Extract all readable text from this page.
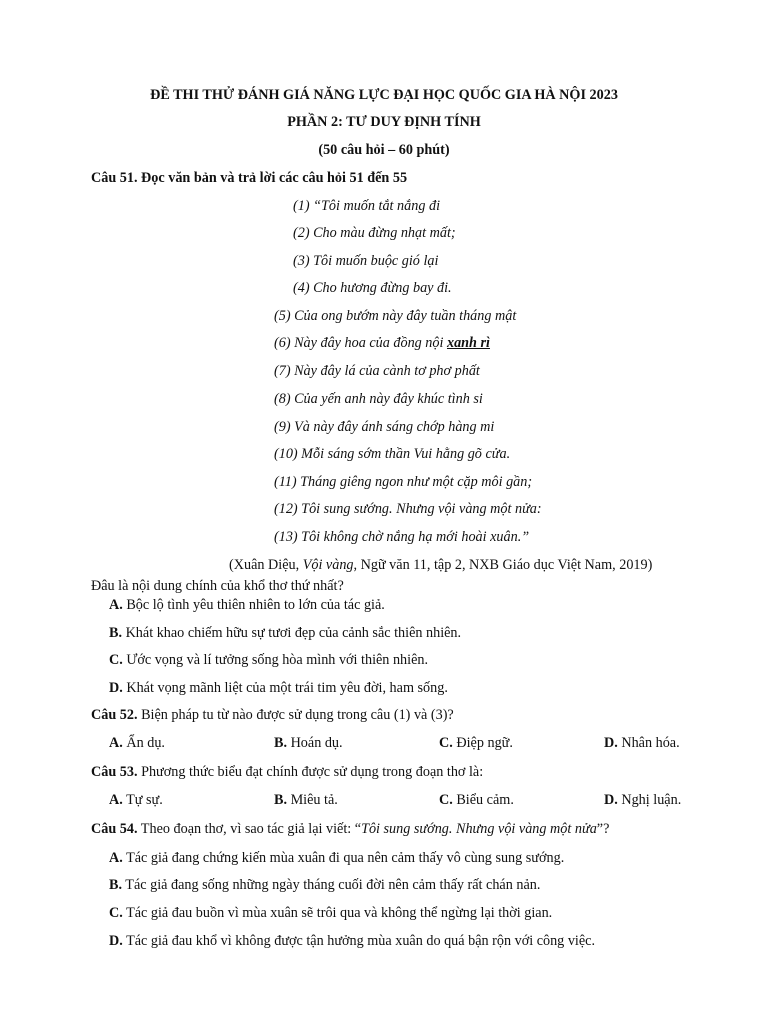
ĐỀ THI THỬ ĐÁNH GIÁ NĂNG LỰC ĐẠI HỌC QUỐC GIA HÀ NỘI 2023
PHẦN 2: TƯ DUY ĐỊNH TÍNH
(50 câu hỏi – 60 phút)
Câu 51. Đọc văn bản và trả lời các câu hỏi 51 đến 55
(1) “Tôi muốn tắt nắng đi
(2) Cho màu đừng nhạt mất;
(3) Tôi muốn buộc gió lại
(4) Cho hương đừng bay đi.
(5) Của ong bướm này đây tuần tháng mật
(6) Này đây hoa của đồng nội xanh rì
(7) Này đây lá của cành tơ phơ phất
(8) Của yến anh này đây khúc tình si
(9) Và này đây ánh sáng chớp hàng mi
(10) Mỗi sáng sớm thần Vui hằng gõ cửa.
(11) Tháng giêng ngon như một cặp môi gần;
(12) Tôi sung sướng. Nhưng vội vàng một nửa:
(13) Tôi không chờ nắng hạ mới hoài xuân.”
(Xuân Diệu, Vội vàng, Ngữ văn 11, tập 2, NXB Giáo dục Việt Nam, 2019)
Đâu là nội dung chính của khổ thơ thứ nhất?
A. Bộc lộ tình yêu thiên nhiên to lớn của tác giả.
B. Khát khao chiếm hữu sự tươi đẹp của cảnh sắc thiên nhiên.
C. Ước vọng và lí tưởng sống hòa mình với thiên nhiên.
D. Khát vọng mãnh liệt của một trái tim yêu đời, ham sống.
Câu 52. Biện pháp tu từ nào được sử dụng trong câu (1) và (3)?
A. Ẩn dụ.	B. Hoán dụ.	C. Điệp ngữ.	D. Nhân hóa.
Câu 53. Phương thức biểu đạt chính được sử dụng trong đoạn thơ là:
A. Tự sự.	B. Miêu tả.	C. Biểu cảm.	D. Nghị luận.
Câu 54. Theo đoạn thơ, vì sao tác giả lại viết: “Tôi sung sướng. Nhưng vội vàng một nửa”?
A. Tác giả đang chứng kiến mùa xuân đi qua nên cảm thấy vô cùng sung sướng.
B. Tác giả đang sống những ngày tháng cuối đời nên cảm thấy rất chán nản.
C. Tác giả đau buồn vì mùa xuân sẽ trôi qua và không thể ngừng lại thời gian.
D. Tác giả đau khổ vì không được tận hưởng mùa xuân do quá bận rộn với công việc.
